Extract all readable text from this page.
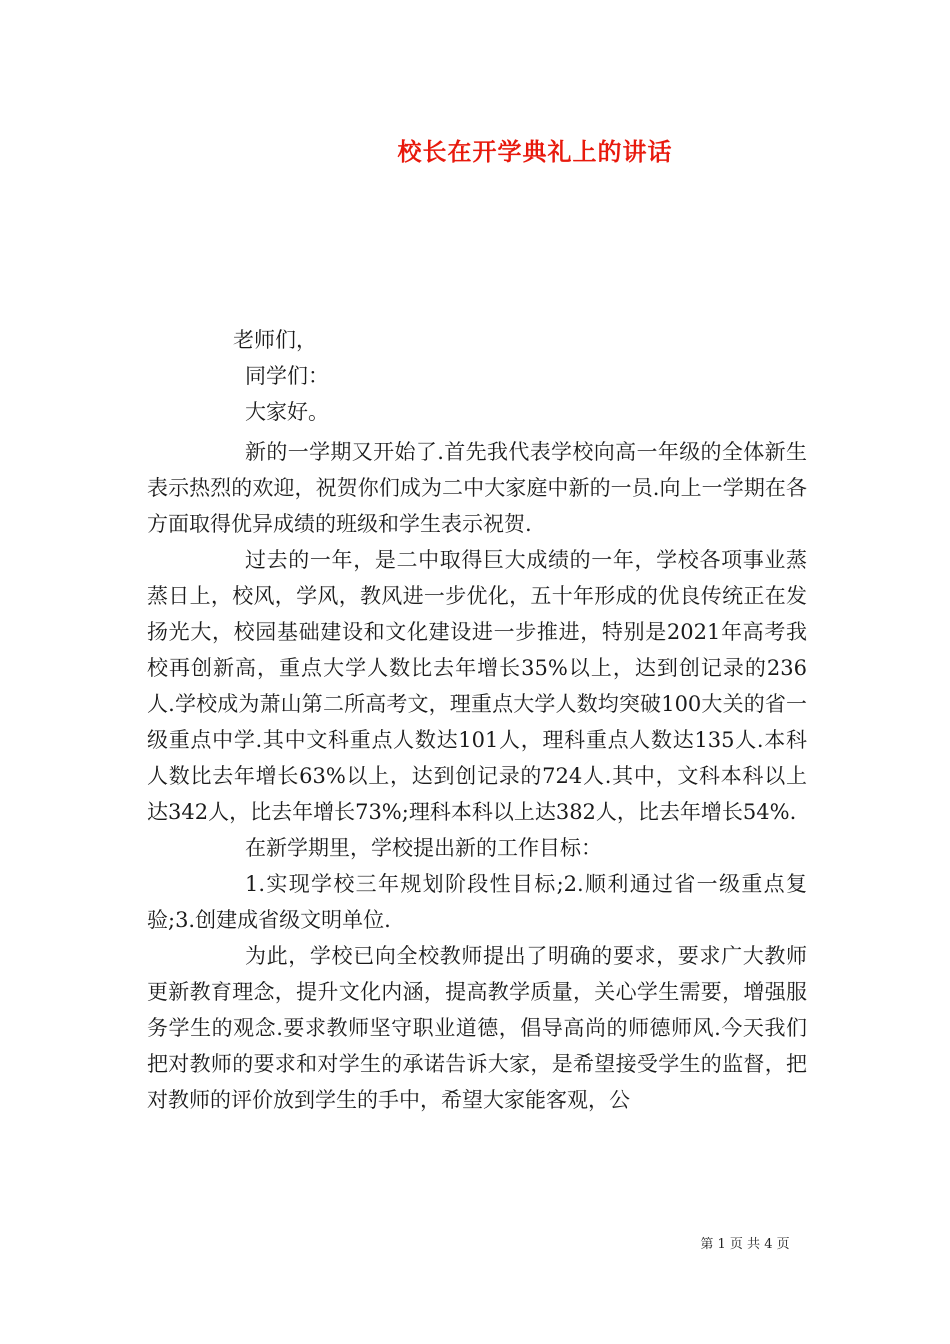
校长在开学典礼上的讲话

老师们，

同学们：

大家好。

新的一学期又开始了.首先我代表学校向高一年级的全体新生表示热烈的欢迎，祝贺你们成为二中大家庭中新的一员.向上一学期在各方面取得优异成绩的班级和学生表示祝贺.

过去的一年，是二中取得巨大成绩的一年，学校各项事业蒸蒸日上，校风，学风，教风进一步优化，五十年形成的优良传统正在发扬光大，校园基础建设和文化建设进一步推进，特别是2021年高考我校再创新高，重点大学人数比去年增长35%以上，达到创记录的236人.学校成为萧山第二所高考文，理重点大学人数均突破100大关的省一级重点中学.其中文科重点人数达101人，理科重点人数达135人.本科人数比去年增长63%以上，达到创记录的724人.其中，文科本科以上达342人，比去年增长73%;理科本科以上达382人，比去年增长54%.

在新学期里，学校提出新的工作目标：

1.实现学校三年规划阶段性目标;2.顺利通过省一级重点复验;3.创建成省级文明单位.

为此，学校已向全校教师提出了明确的要求，要求广大教师更新教育理念，提升文化内涵，提高教学质量，关心学生需要，增强服务学生的观念.要求教师坚守职业道德，倡导高尚的师德师风.今天我们把对教师的要求和对学生的承诺告诉大家，是希望接受学生的监督，把对教师的评价放到学生的手中，希望大家能客观，公

第 1 页 共 4 页
